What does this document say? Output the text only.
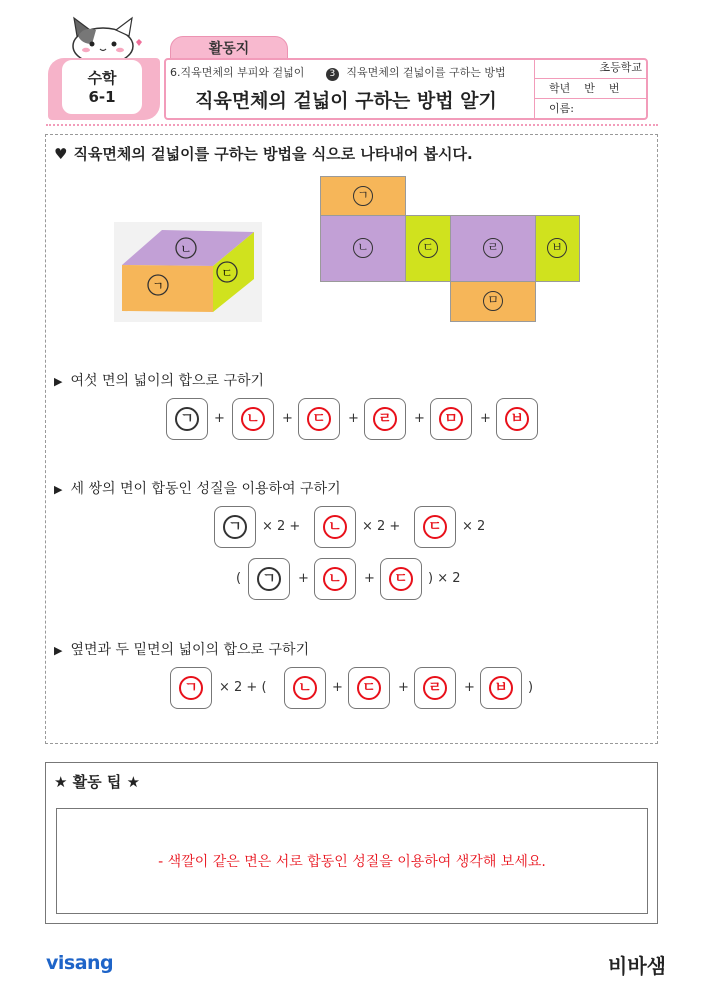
활동지
수학
6-1
6.직육면체의 부피와 겉넓이	3 직육면체의 겉넓이를 구하는 방법
직육면체의 겉넓이 구하는 방법 알기
초등학교
학년    반    번
이름:
♥ 직육면체의 겉넓이를 구하는 방법을 식으로 나타내어 봅시다.
ㄴ
ㄱ
ㄷ
ㄱ
ㄴ	ㄷ	ㄹ	ㅂ
ㅁ
▶ 여섯 면의 넓이의 합으로 구하기
ㄱ	+	ㄴ	+	ㄷ	+	ㄹ	+	ㅁ	+	ㅂ
▶ 세 쌍의 면이 합동인 성질을 이용하여 구하기
ㄱ	× 2 +	ㄴ	× 2 +	ㄷ	× 2
(	ㄱ	+	ㄴ	+	ㄷ	) × 2
▶ 옆면과 두 밑면의 넓이의 합으로 구하기
ㄱ	× 2 + (	ㄴ	+	ㄷ	+	ㄹ	+	ㅂ	)
★ 활동 팁 ★
- 색깔이 같은 면은 서로 합동인 성질을 이용하여 생각해 보세요.
visang	비바샘
